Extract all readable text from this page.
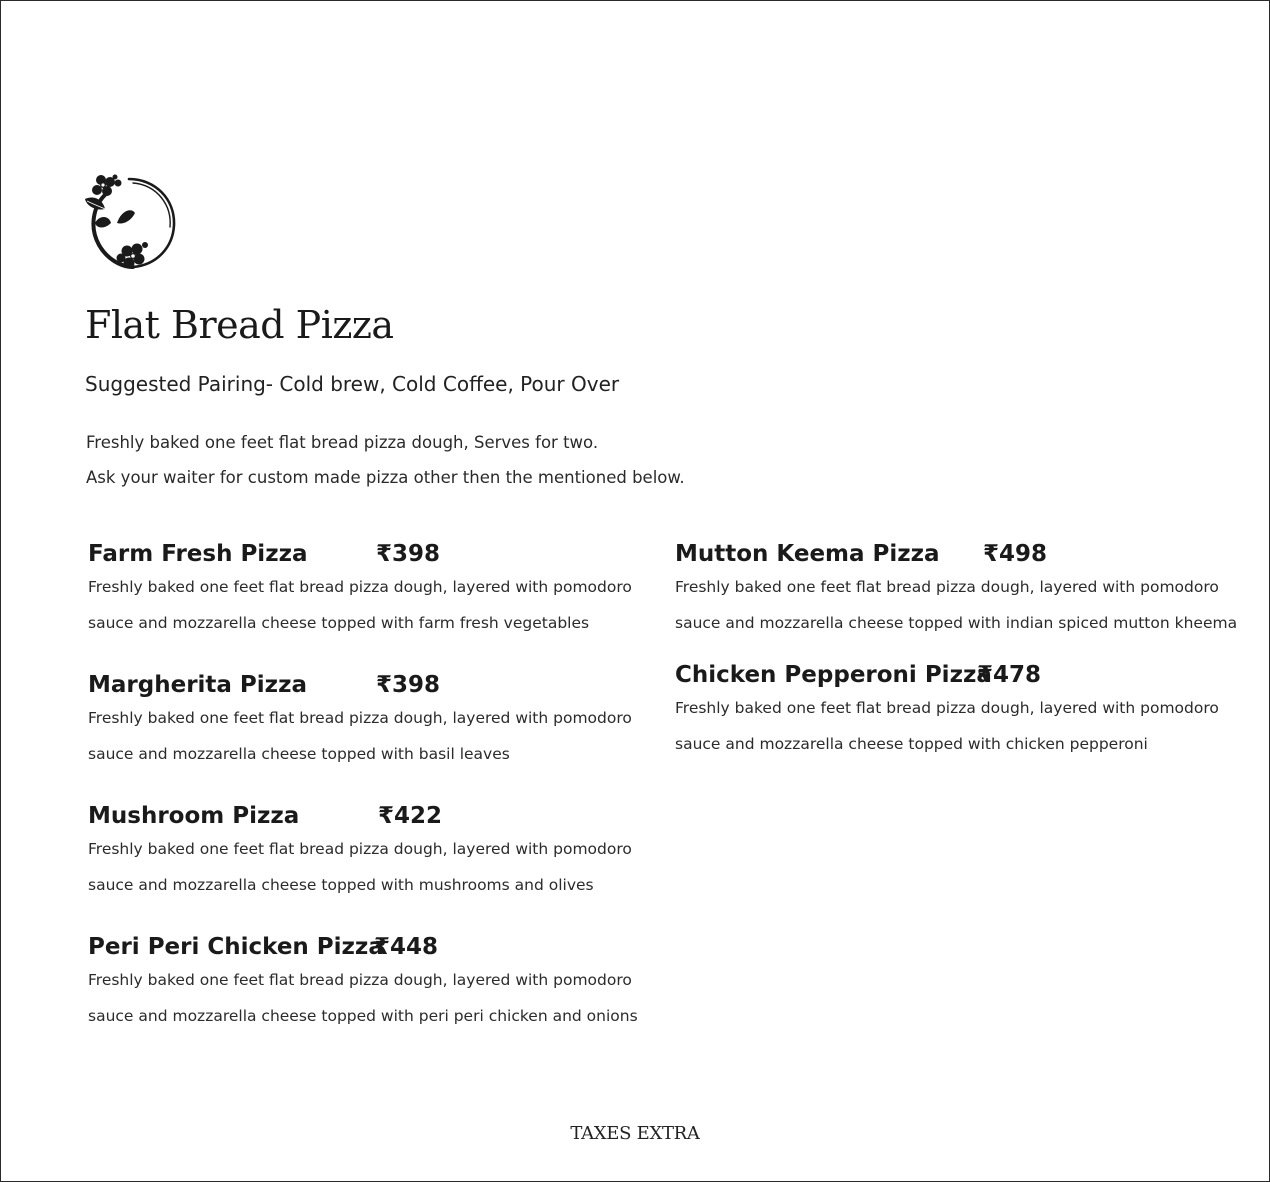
Flat Bread Pizza
Suggested Pairing- Cold brew, Cold Coffee, Pour Over
Freshly baked one feet flat bread pizza dough, Serves for two.
Ask your waiter for custom made pizza other then the mentioned below.
Farm Fresh Pizza	₹398
Freshly baked one feet flat bread pizza dough, layered with pomodoro
sauce and mozzarella cheese topped with farm fresh vegetables
Margherita Pizza	₹398
Freshly baked one feet flat bread pizza dough, layered with pomodoro
sauce and mozzarella cheese topped with basil leaves
Mushroom Pizza	₹422
Freshly baked one feet flat bread pizza dough, layered with pomodoro
sauce and mozzarella cheese topped with mushrooms and olives
Peri Peri Chicken Pizza
₹448
Freshly baked one feet flat bread pizza dough, layered with pomodoro
sauce and mozzarella cheese topped with peri peri chicken and onions
Mutton Keema Pizza ₹498
Freshly baked one feet flat bread pizza dough, layered with pomodoro
sauce and mozzarella cheese topped with indian spiced mutton kheema
Chicken Pepperoni Pizza
₹478
Freshly baked one feet flat bread pizza dough, layered with pomodoro
sauce and mozzarella cheese topped with chicken pepperoni
TAXES EXTRA
